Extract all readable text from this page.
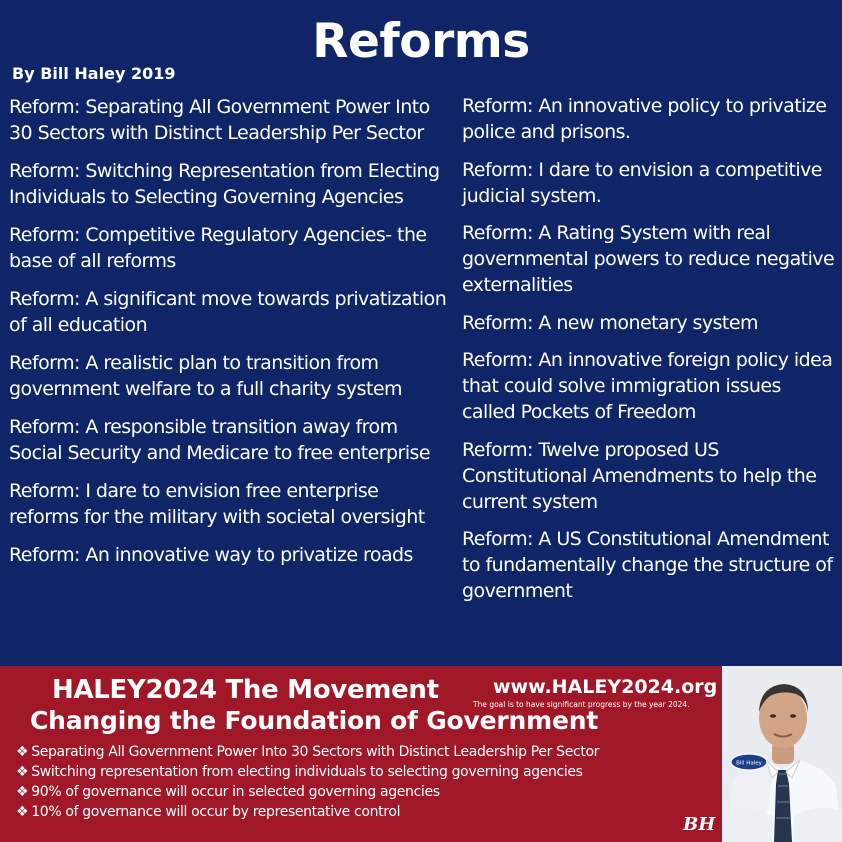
Reforms
By Bill Haley 2019
Reform: Separating All Government Power Into 30 Sectors with Distinct Leadership Per Sector
Reform: Switching Representation from Electing Individuals to Selecting Governing Agencies
Reform: Competitive Regulatory Agencies- the base of all reforms
Reform: A significant move towards privatization of all education
Reform: A realistic plan to transition from government welfare to a full charity system
Reform: A responsible transition away from Social Security and Medicare to free enterprise
Reform: I dare to envision free enterprise reforms for the military with societal oversight
Reform: An innovative way to privatize roads
Reform: An innovative policy to privatize police and prisons.
Reform: I dare to envision a competitive judicial system.
Reform: A Rating System with real governmental powers to reduce negative externalities
Reform: A new monetary system
Reform: An innovative foreign policy idea that could solve immigration issues called Pockets of Freedom
Reform: Twelve proposed US Constitutional Amendments to help the current system
Reform: A US Constitutional Amendment to fundamentally change the structure of government
HALEY2024 The Movement
Changing the Foundation of Government
www.HALEY2024.org
The goal is to have significant progress by the year 2024.
❖ Separating All Government Power Into 30 Sectors with Distinct Leadership Per Sector
❖ Switching representation from electing individuals to selecting governing agencies
❖ 90% of governance will occur in selected governing agencies
❖ 10% of governance will occur by representative control
Bill Haley
BH
